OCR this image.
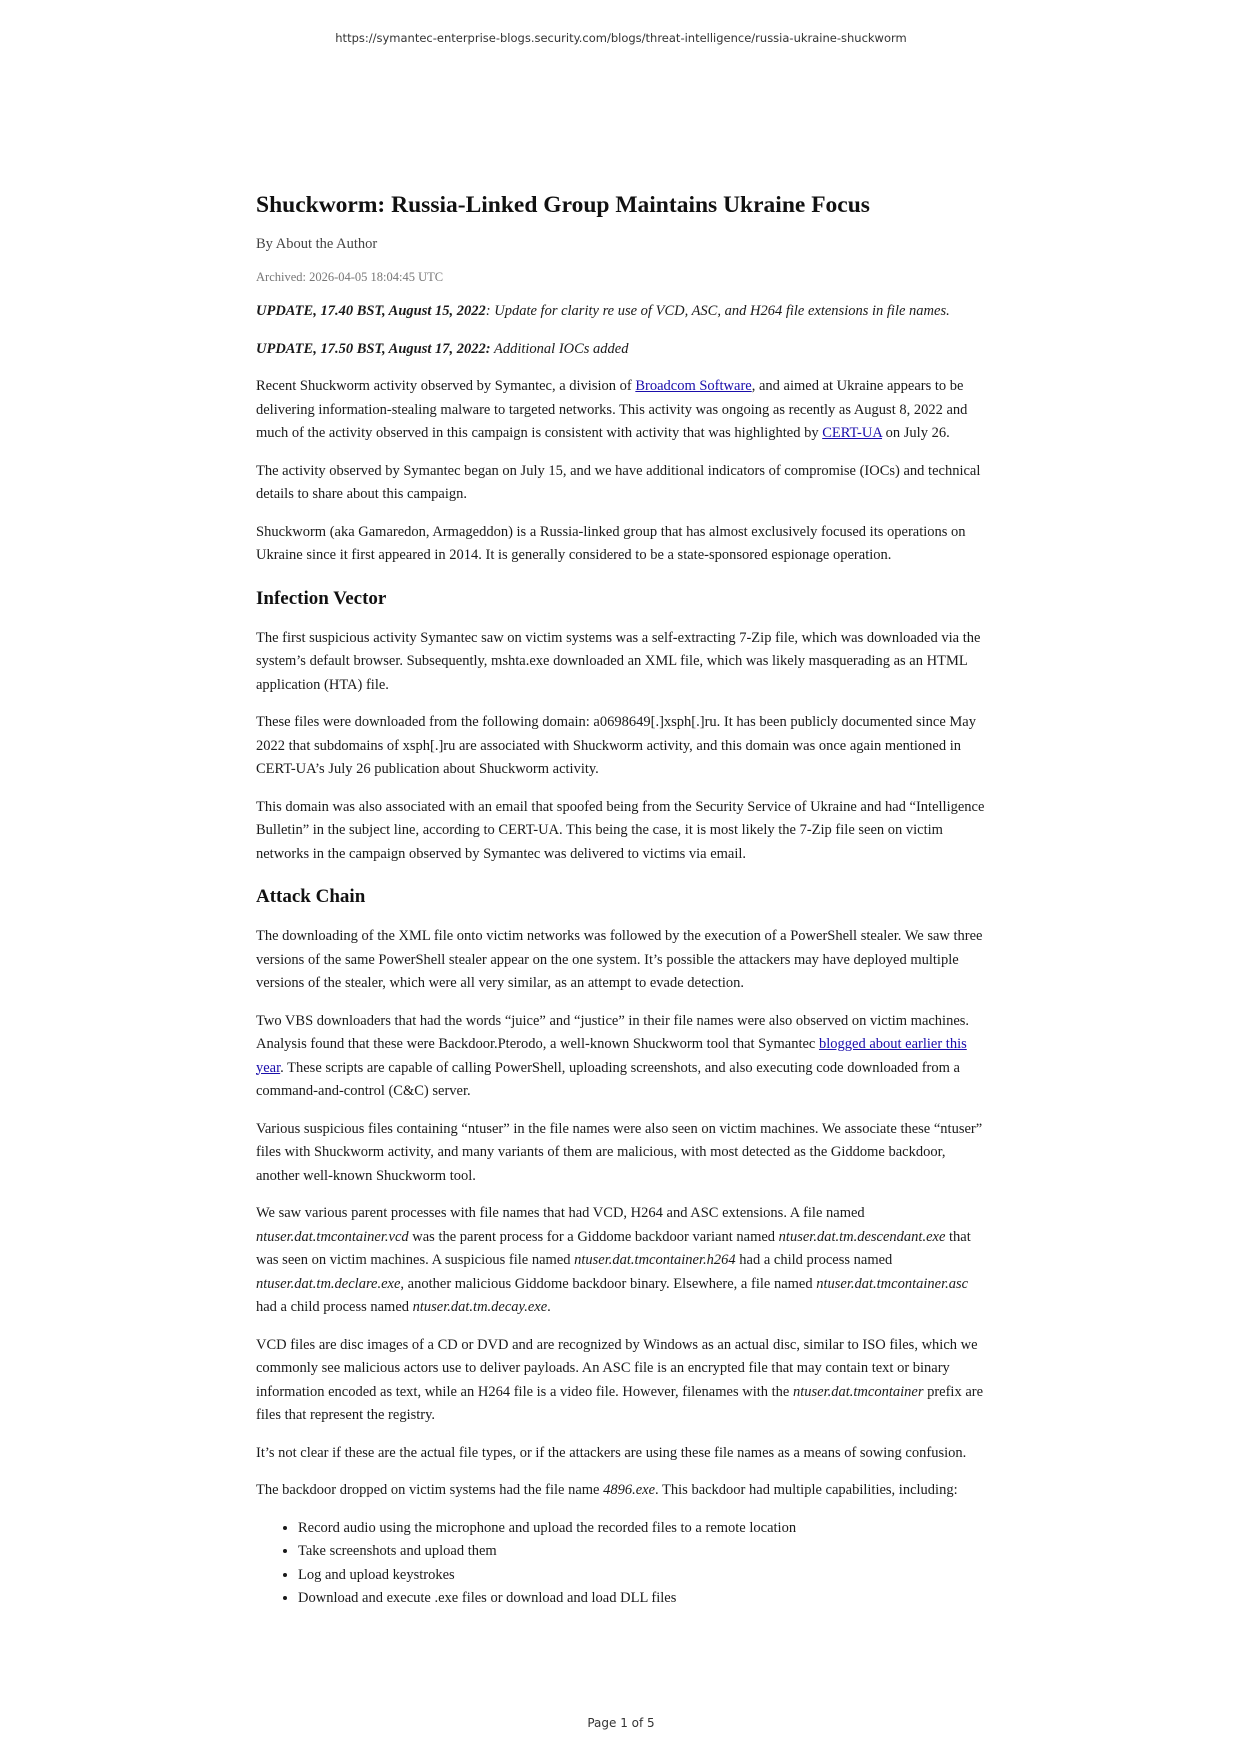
https://symantec-enterprise-blogs.security.com/blogs/threat-intelligence/russia-ukraine-shuckworm
Shuckworm: Russia-Linked Group Maintains Ukraine Focus
By About the Author
Archived: 2026-04-05 18:04:45 UTC

UPDATE, 17.40 BST, August 15, 2022: Update for clarity re use of VCD, ASC, and H264 file extensions in file names.

UPDATE, 17.50 BST, August 17, 2022: Additional IOCs added

Recent Shuckworm activity observed by Symantec, a division of Broadcom Software, and aimed at Ukraine appears to be delivering information-stealing malware to targeted networks. This activity was ongoing as recently as August 8, 2022 and much of the activity observed in this campaign is consistent with activity that was highlighted by CERT-UA on July 26.

The activity observed by Symantec began on July 15, and we have additional indicators of compromise (IOCs) and technical details to share about this campaign.

Shuckworm (aka Gamaredon, Armageddon) is a Russia-linked group that has almost exclusively focused its operations on Ukraine since it first appeared in 2014. It is generally considered to be a state-sponsored espionage operation.

Infection Vector

The first suspicious activity Symantec saw on victim systems was a self-extracting 7-Zip file, which was downloaded via the system’s default browser. Subsequently, mshta.exe downloaded an XML file, which was likely masquerading as an HTML application (HTA) file.

These files were downloaded from the following domain: a0698649[.]xsph[.]ru. It has been publicly documented since May 2022 that subdomains of xsph[.]ru are associated with Shuckworm activity, and this domain was once again mentioned in CERT-UA’s July 26 publication about Shuckworm activity.

This domain was also associated with an email that spoofed being from the Security Service of Ukraine and had “Intelligence Bulletin” in the subject line, according to CERT-UA. This being the case, it is most likely the 7-Zip file seen on victim networks in the campaign observed by Symantec was delivered to victims via email.

Attack Chain

The downloading of the XML file onto victim networks was followed by the execution of a PowerShell stealer. We saw three versions of the same PowerShell stealer appear on the one system. It’s possible the attackers may have deployed multiple versions of the stealer, which were all very similar, as an attempt to evade detection.

Two VBS downloaders that had the words “juice” and “justice” in their file names were also observed on victim machines. Analysis found that these were Backdoor.Pterodo, a well-known Shuckworm tool that Symantec blogged about earlier this year. These scripts are capable of calling PowerShell, uploading screenshots, and also executing code downloaded from a command-and-control (C&C) server.

Various suspicious files containing “ntuser” in the file names were also seen on victim machines. We associate these “ntuser” files with Shuckworm activity, and many variants of them are malicious, with most detected as the Giddome backdoor, another well-known Shuckworm tool.

We saw various parent processes with file names that had VCD, H264 and ASC extensions. A file named ntuser.dat.tmcontainer.vcd was the parent process for a Giddome backdoor variant named ntuser.dat.tm.descendant.exe that was seen on victim machines. A suspicious file named ntuser.dat.tmcontainer.h264 had a child process named ntuser.dat.tm.declare.exe, another malicious Giddome backdoor binary. Elsewhere, a file named ntuser.dat.tmcontainer.asc had a child process named ntuser.dat.tm.decay.exe.

VCD files are disc images of a CD or DVD and are recognized by Windows as an actual disc, similar to ISO files, which we commonly see malicious actors use to deliver payloads. An ASC file is an encrypted file that may contain text or binary information encoded as text, while an H264 file is a video file. However, filenames with the ntuser.dat.tmcontainer prefix are files that represent the registry.

It’s not clear if these are the actual file types, or if the attackers are using these file names as a means of sowing confusion.

The backdoor dropped on victim systems had the file name 4896.exe. This backdoor had multiple capabilities, including:

• Record audio using the microphone and upload the recorded files to a remote location
• Take screenshots and upload them
• Log and upload keystrokes
• Download and execute .exe files or download and load DLL files
Page 1 of 5
